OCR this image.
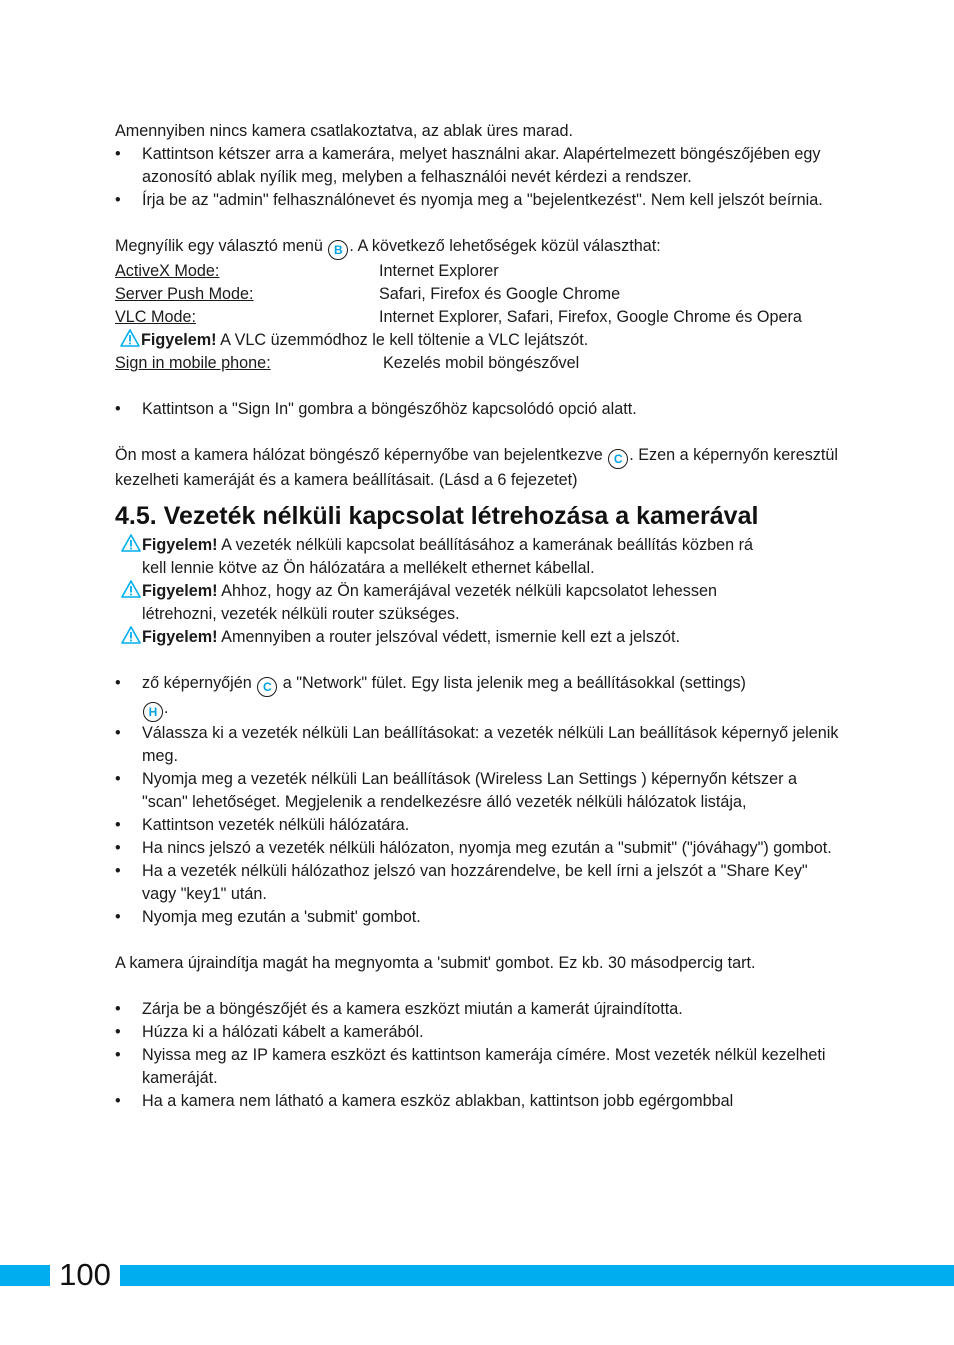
Amennyiben nincs kamera csatlakoztatva, az ablak üres marad.

• Kattintson kétszer arra a kamerára, melyet használni akar. Alapértelmezett böngészőjében egy azonosító ablak nyílik meg, melyben a felhasználói nevét kérdezi a rendszer.
• Írja be az "admin" felhasználónevet és nyomja meg a "bejelentkezést". Nem kell jelszót beírnia.

Megnyílik egy választó menü B . A következő lehetőségek közül választhat:

ActiveX Mode:	Internet Explorer
Server Push Mode:	Safari, Firefox és Google Chrome
VLC Mode:	Internet Explorer, Safari, Firefox, Google Chrome és Opera

Figyelem! A VLC üzemmódhoz le kell töltenie a VLC lejátszót.

Sign in mobile phone:	Kezelés mobil böngészővel
• Kattintson a "Sign In" gombra a böngészőhöz kapcsolódó opció alatt.

Ön most a kamera hálózat böngésző képernyőbe van bejelentkezve C . Ezen a képernyőn keresztül kezelheti kameráját és a kamera beállításait. (Lásd a 6 fejezetet)

4.5. Vezeték nélküli kapcsolat létrehozása a kamerával

Figyelem! A vezeték nélküli kapcsolat beállításához a kamerának beállítás közben rá

kell lennie kötve az Ön hálózatára a mellékelt ethernet kábellal.

Figyelem! Ahhoz, hogy az Ön kamerájával vezeték nélküli kapcsolatot lehessen

létrehozni, vezeték nélküli router szükséges.

Figyelem! Amennyiben a router jelszóval védett, ismernie kell ezt a jelszót.

• ző képernyőjén C a "Network" fület. Egy lista jelenik meg a beállításokkal (settings)
H .
• Válassza ki a vezeték nélküli Lan beállításokat: a vezeték nélküli Lan beállítások képernyő jelenik meg.
• Nyomja meg a vezeték nélküli Lan beállítások (Wireless Lan Settings ) képernyőn kétszer a "scan" lehetőséget. Megjelenik a rendelkezésre álló vezeték nélküli hálózatok listája,
• Kattintson vezeték nélküli hálózatára.
• Ha nincs jelszó a vezeték nélküli hálózaton, nyomja meg ezután a "submit" ("jóváhagy") gombot.
• Ha a vezeték nélküli hálózathoz jelszó van hozzárendelve, be kell írni a jelszót a "Share Key" vagy "key1" után.
• Nyomja meg ezután a 'submit' gombot.

A kamera újraindítja magát ha megnyomta a 'submit' gombot. Ez kb. 30 másodpercig tart.

• Zárja be a böngészőjét és a kamera eszközt miután a kamerát újraindította.
• Húzza ki a hálózati kábelt a kamerából.
• Nyissa meg az IP kamera eszközt és kattintson kamerája címére. Most vezeték nélkül kezelheti kameráját.
• Ha a kamera nem látható a kamera eszköz ablakban, kattintson jobb egérgombbal
100
